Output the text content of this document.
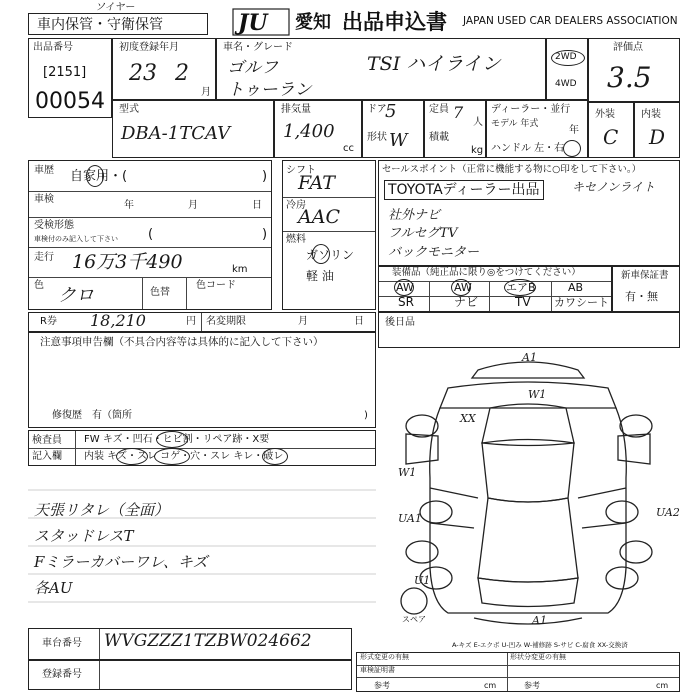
車内保管・守衛保管
ソイヤー
JU 愛知 出品申込書 JAPAN USED CAR DEALERS ASSOCIATION
出品番号
[2151]
00054
初度登録年月
23 2
月
車名・グレード
ゴルフ
トゥーラン
TSI ハイライン	2WD
4WD
評価点
3.5
型式
DBA-1TCAV
排気量
1,400
cc
ドア
5
形状 W
定員 7
人
積載
kg
ディーラー・並行
モデル 年式
年
ハンドル 左・右
外装
C
内装
D
車歴 自家用・(	)
車検
年	月	日
受検形態
車検付のみ記入して下さい (	)
走行 16万3千490	km
色 クロ	色替
色コード
シフト
FAT
冷房
AAC
燃料
ガソリン
軽 油
セールスポイント（正常に機能する物に○印をして下さい。）
TOYOTAディーラー出品	キセノンライト
社外ナビ
フルセグTV
バックモニター
装備品（純正品に限り◎をつけてください）
AW	AW	エアB	AB
SR	ナビ	TV カワシート
新車保証書
有・無
R券 18,210	円 名変期限	月	日 後日品
注意事項申告欄（不具合内容等は具体的に記入して下さい）
修復歴　有（箇所	)
検査員
記入欄
FW キズ・凹石・ヒビ割・リペア跡・X要
内装 キズ・スレ コゲ・穴・スレ キレ・破レ
天張リタレ（全面）
スタッドレスT
Fミラーカバーワレ、キズ
各AU
A1
W1
XX
W1
UA1	UA2
U1
A1
スペア
A-キズ E-エクボ U-凹み W-補修跡 S-サビ C-腐食 XX-交換済
車台番号 WVGZZZ1TZBW024662
登録番号
形式変更の有無	形状分変更の有無
車検証明書
参考	cm	参考	cm
